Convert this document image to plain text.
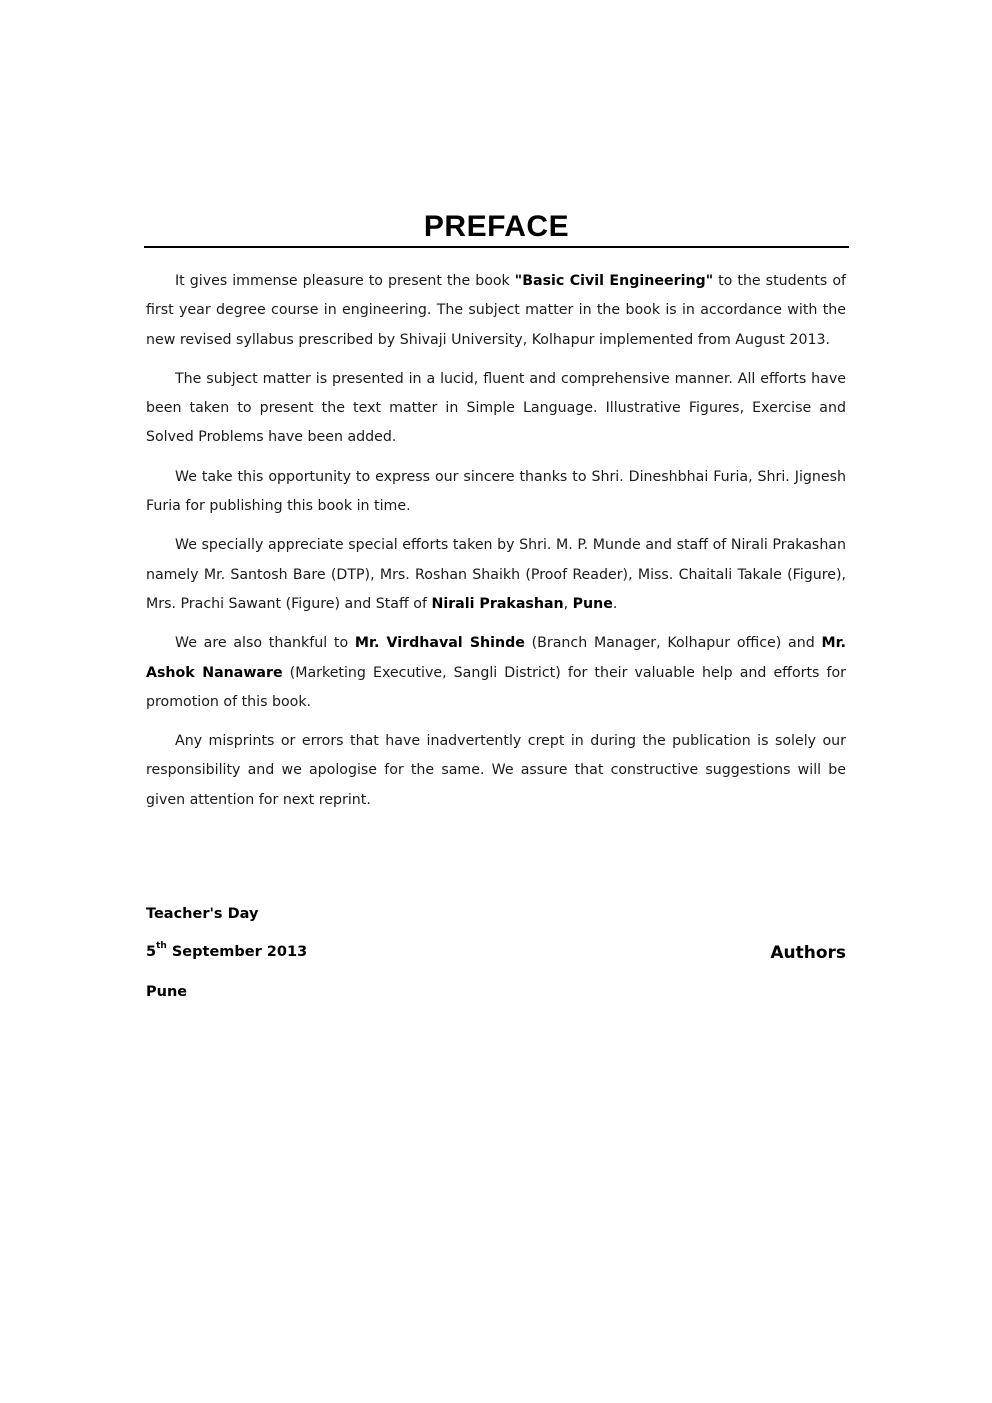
PREFACE

It gives immense pleasure to present the book "Basic Civil Engineering" to the students of first year degree course in engineering. The subject matter in the book is in accordance with the new revised syllabus prescribed by Shivaji University, Kolhapur implemented from August 2013.

The subject matter is presented in a lucid, fluent and comprehensive manner. All efforts have been taken to present the text matter in Simple Language. Illustrative Figures, Exercise and Solved Problems have been added.

We take this opportunity to express our sincere thanks to Shri. Dineshbhai Furia, Shri. Jignesh Furia for publishing this book in time.

We specially appreciate special efforts taken by Shri. M. P. Munde and staff of Nirali Prakashan namely Mr. Santosh Bare (DTP), Mrs. Roshan Shaikh (Proof Reader), Miss. Chaitali Takale (Figure), Mrs. Prachi Sawant (Figure) and Staff of Nirali Prakashan, Pune.

We are also thankful to Mr. Virdhaval Shinde (Branch Manager, Kolhapur office) and Mr. Ashok Nanaware (Marketing Executive, Sangli District) for their valuable help and efforts for promotion of this book.

Any misprints or errors that have inadvertently crept in during the publication is solely our responsibility and we apologise for the same. We assure that constructive suggestions will be given attention for next reprint.

Teacher's Day
5th September 2013
Pune
Authors
